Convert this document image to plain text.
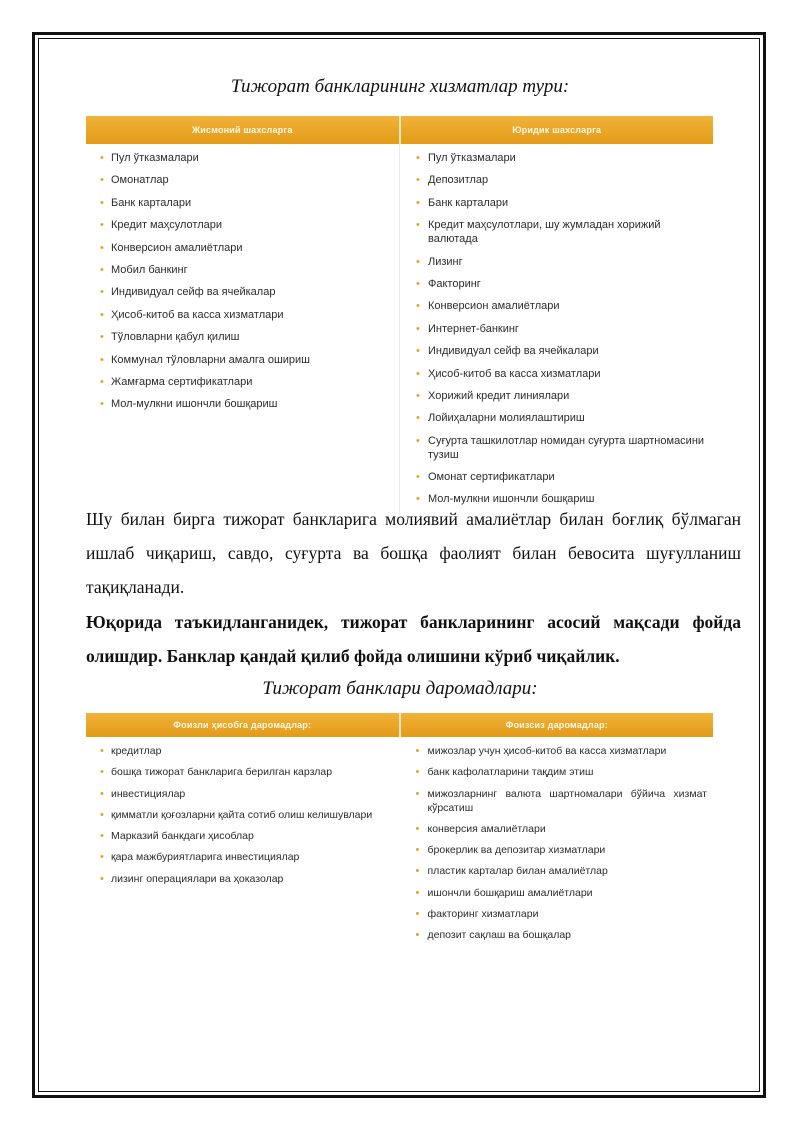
Тижорат банкларининг хизматлар тури:
Жисмоний шахсларга	Юридик шахсларга
• Пул ўтказмалари
• Омонатлар
• Банк карталари
• Кредит маҳсулотлари
• Конверсион амалиётлари
• Мобил банкинг
• Индивидуал сейф ва ячейкалар
• Ҳисоб-китоб ва касса хизматлари
• Тўловларни қабул қилиш
• Коммунал тўловларни амалга ошириш
• Жамғарма сертификатлари
• Мол-мулкни ишончли бошқариш
• Пул ўтказмалари
• Депозитлар
• Банк карталари
• Кредит маҳсулотлари, шу жумладан хорижий валютада
• Лизинг
• Факторинг
• Конверсион амалиётлари
• Интернет-банкинг
• Индивидуал сейф ва ячейкалари
• Ҳисоб-китоб ва касса хизматлари
• Хорижий кредит линиялари
• Лойиҳаларни молиялаштириш
• Суғурта ташкилотлар номидан суғурта шартномасини тузиш
• Омонат сертификатлари
• Мол-мулкни ишончли бошқариш
Шу билан бирга тижорат банкларига молиявий амалиётлар билан боғлиқ бўлмаган ишлаб чиқариш, савдо, суғурта ва бошқа фаолият билан бевосита шуғулланиш тақиқланади.
Юқорида таъкидланганидек, тижорат банкларининг асосий мақсади фойда олишдир. Банклар қандай қилиб фойда олишини кўриб чиқайлик.
Тижорат банклари даромадлари:
Фоизли ҳисобга даромадлар:	Фоизсиз даромадлар:
• кредитлар
• бошқа тижорат банкларига берилган карзлар
• инвестициялар
• қимматли қоғозларни қайта сотиб олиш келишувлари
• Марказий банкдаги ҳисоблар
• қара мажбуриятларига инвестициялар
• лизинг операциялари ва ҳоказолар
• мижозлар учун ҳисоб-китоб ва касса хизматлари
• банк кафолатларини тақдим этиш
• мижозларнинг валюта шартномалари бўйича хизмат кўрсатиш
• конверсия амалиётлари
• брокерлик ва депозитар хизматлари
• пластик карталар билан амалиётлар
• ишончли бошқариш амалиётлари
• факторинг хизматлари
• депозит сақлаш ва бошқалар
